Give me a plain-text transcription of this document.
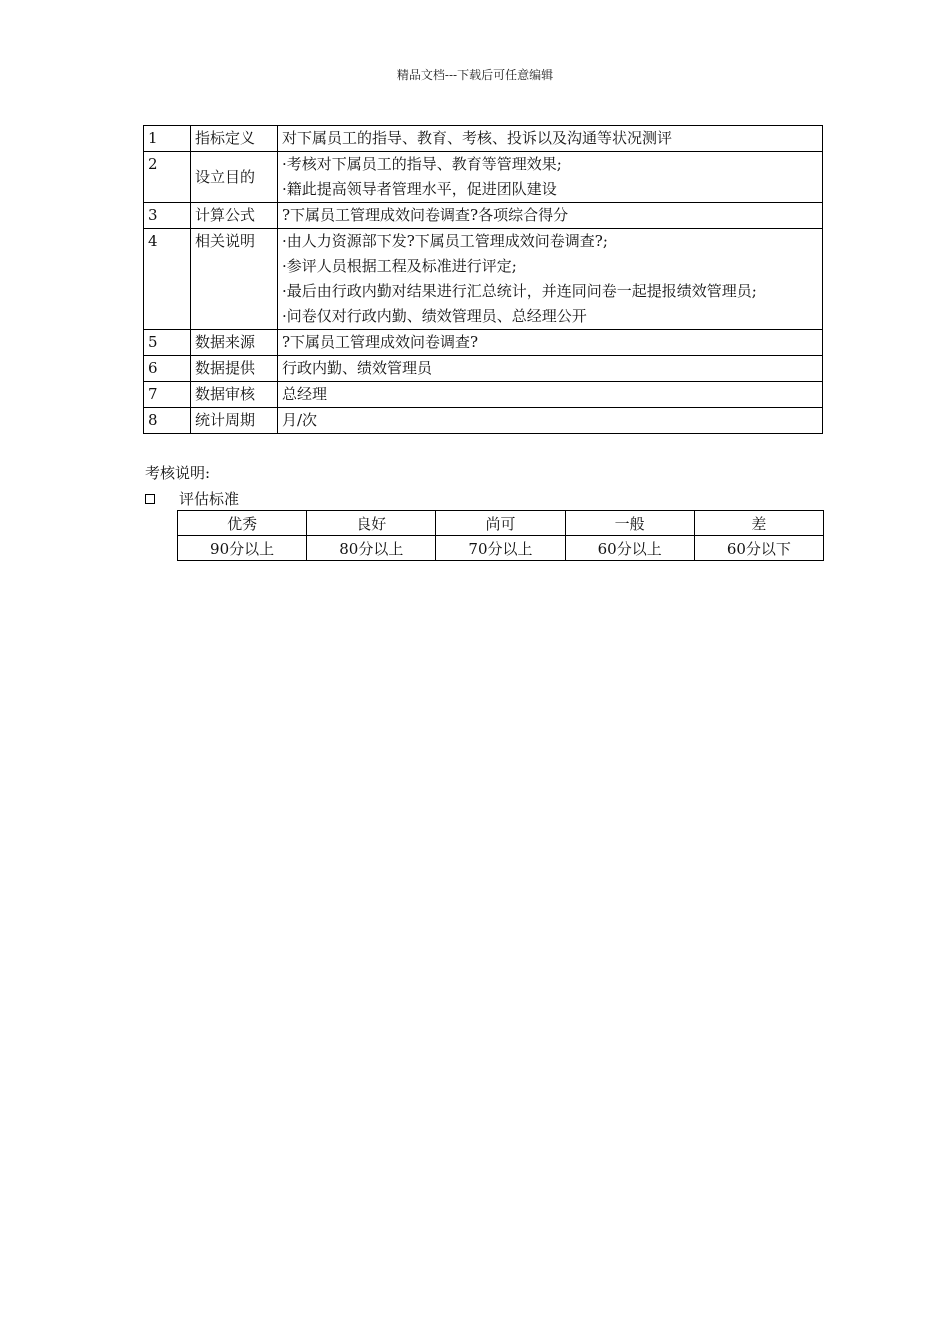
精品文档---下载后可任意编辑
1	指标定义	对下属员工的指导、教育、考核、投诉以及沟通等状况测评

2	设立目的	·考核对下属员工的指导、教育等管理效果;
·籍此提高领导者管理水平，促进团队建设

3	计算公式	?下属员工管理成效问卷调查?各项综合得分

4	相关说明	·由人力资源部下发?下属员工管理成效问卷调查?;
·参评人员根据工程及标准进行评定;
·最后由行政内勤对结果进行汇总统计，并连同问卷一起提报绩效管理员;
·问卷仅对行政内勤、绩效管理员、总经理公开

5	数据来源	?下属员工管理成效问卷调查?

6	数据提供	行政内勤、绩效管理员

7	数据审核	总经理

8	统计周期	月/次
考核说明:
评估标准
优秀	良好	尚可	一般	差
90分以上	80分以上	70分以上	60分以上	60分以下
